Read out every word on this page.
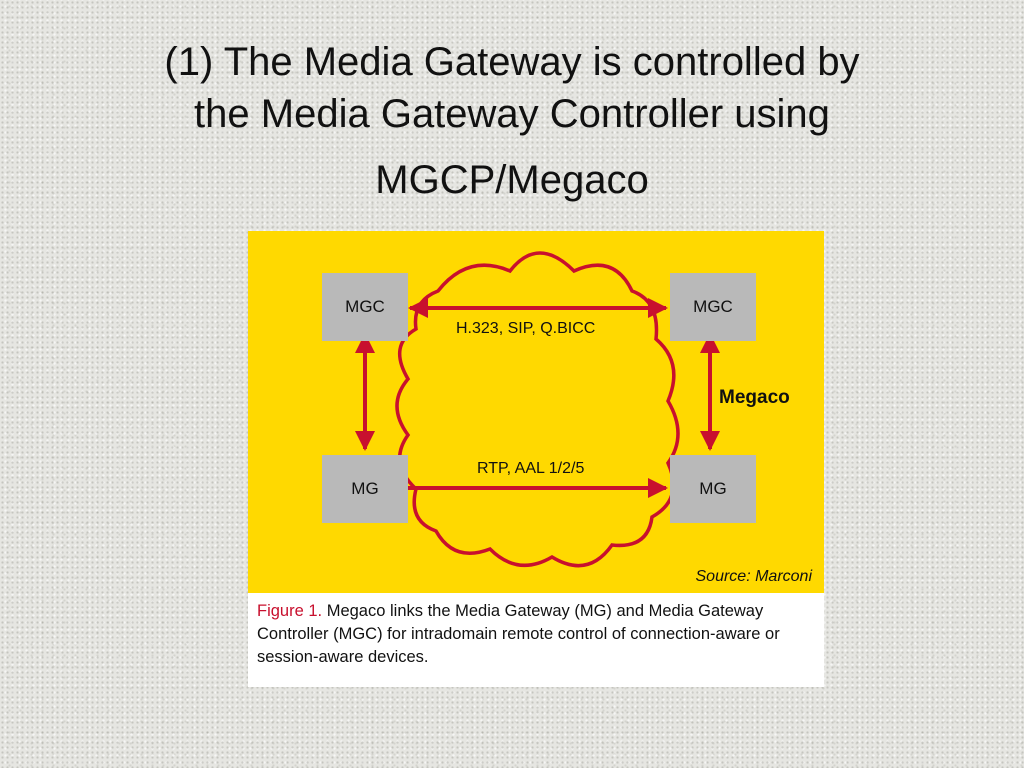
(1) The Media Gateway is controlled by
the Media Gateway Controller using
MGCP/Megaco
MGC	MGC
MG	MG
H.323, SIP, Q.BICC
RTP, AAL 1/2/5
Megaco
Source: Marconi
Figure 1. Megaco links the Media Gateway (MG) and Media Gateway Controller (MGC) for intradomain remote control of connection-aware or session-aware devices.
